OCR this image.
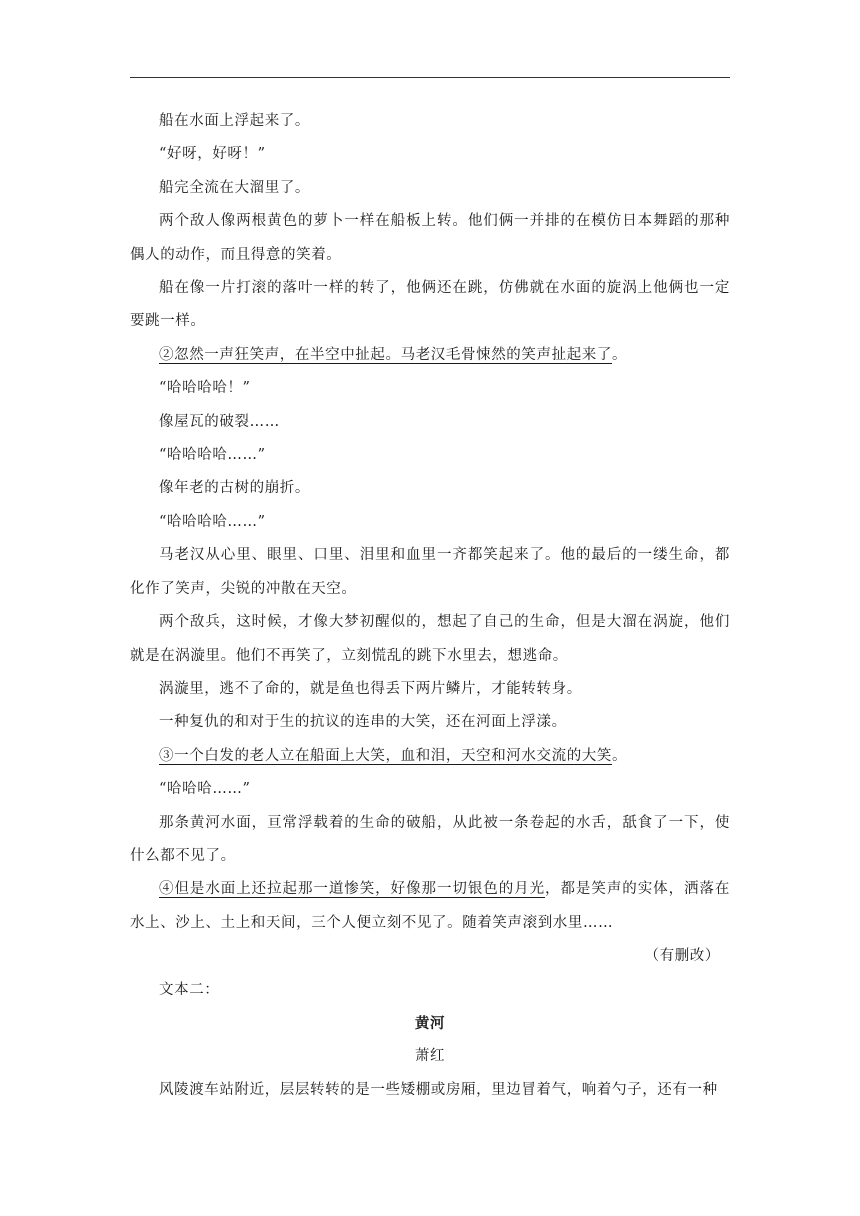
船在水面上浮起来了。

“好呀，好呀！”

船完全流在大溜里了。

两个敌人像两根黄色的萝卜一样在船板上转。他们俩一并排的在模仿日本舞蹈的那种偶人的动作，而且得意的笑着。

船在像一片打滚的落叶一样的转了，他俩还在跳，仿佛就在水面的旋涡上他俩也一定要跳一样。

②忽然一声狂笑声，在半空中扯起。马老汉毛骨悚然的笑声扯起来了。

“哈哈哈哈！”

像屋瓦的破裂……

“哈哈哈哈……”

像年老的古树的崩折。

“哈哈哈哈……”

马老汉从心里、眼里、口里、泪里和血里一齐都笑起来了。他的最后的一缕生命，都化作了笑声，尖锐的冲散在天空。

两个敌兵，这时候，才像大梦初醒似的，想起了自己的生命，但是大溜在涡旋，他们就是在涡漩里。他们不再笑了，立刻慌乱的跳下水里去，想逃命。

涡漩里，逃不了命的，就是鱼也得丢下两片鳞片，才能转转身。

一种复仇的和对于生的抗议的连串的大笑，还在河面上浮漾。

③一个白发的老人立在船面上大笑，血和泪，天空和河水交流的大笑。

“哈哈哈……”

那条黄河水面，亘常浮载着的生命的破船，从此被一条卷起的水舌，舐食了一下，使什么都不见了。

④但是水面上还拉起那一道惨笑，好像那一切银色的月光，都是笑声的实体，洒落在水上、沙上、土上和天间，三个人便立刻不见了。随着笑声滚到水里……

（有删改）

文本二：

黄河

萧红

风陵渡车站附近，层层转转的是一些矮棚或房厢，里边冒着气，响着勺子，还有一种
